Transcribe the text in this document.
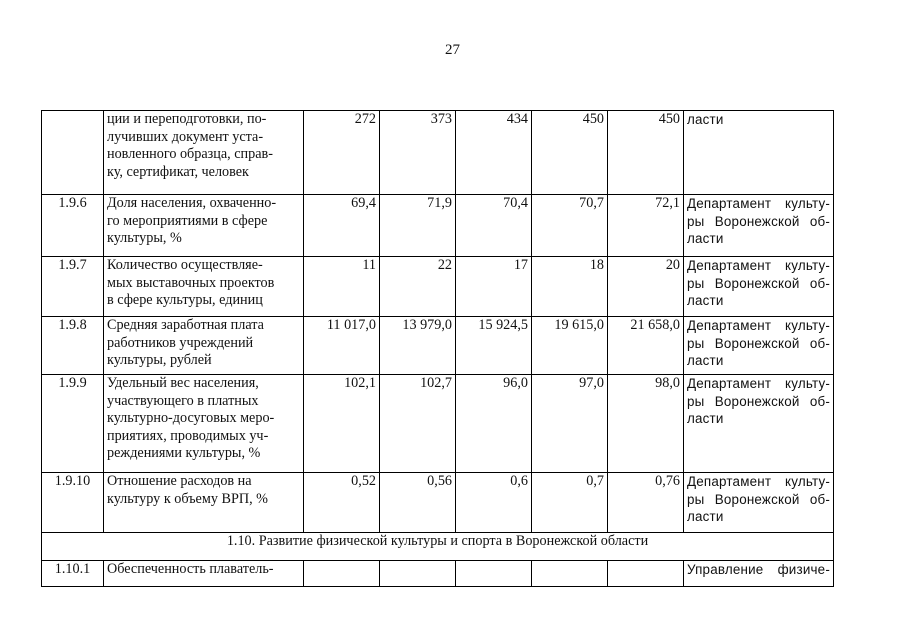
27

	ции и переподготовки, по-
лучивших документ уста-
новленного образца, справ-
ку, сертификат, человек	272	373	434	450	450	ласти

1.9.6	Доля населения, охваченно-
го мероприятиями в сфере
культуры, %	69,4	71,9	70,4	70,7	72,1	Департамент культу-
ры Воронежской об-
ласти

1.9.7	Количество осуществляе-
мых выставочных проектов
в сфере культуры, единиц	11	22	17	18	20	Департамент культу-
ры Воронежской об-
ласти

1.9.8	Средняя заработная плата
работников учреждений
культуры, рублей	11 017,0	13 979,0	15 924,5	19 615,0	21 658,0	Департамент культу-
ры Воронежской об-
ласти

1.9.9	Удельный вес населения,
участвующего в платных
культурно-досуговых меро-
приятиях, проводимых уч-
реждениями культуры, %	102,1	102,7	96,0	97,0	98,0	Департамент культу-
ры Воронежской об-
ласти

1.9.10	Отношение расходов на
культуру к объему ВРП, %	0,52	0,56	0,6	0,7	0,76	Департамент культу-
ры Воронежской об-
ласти

1.10. Развитие физической культуры и спорта в Воронежской области							
1.10.1	Обеспеченность плаватель-						Управление физиче-
